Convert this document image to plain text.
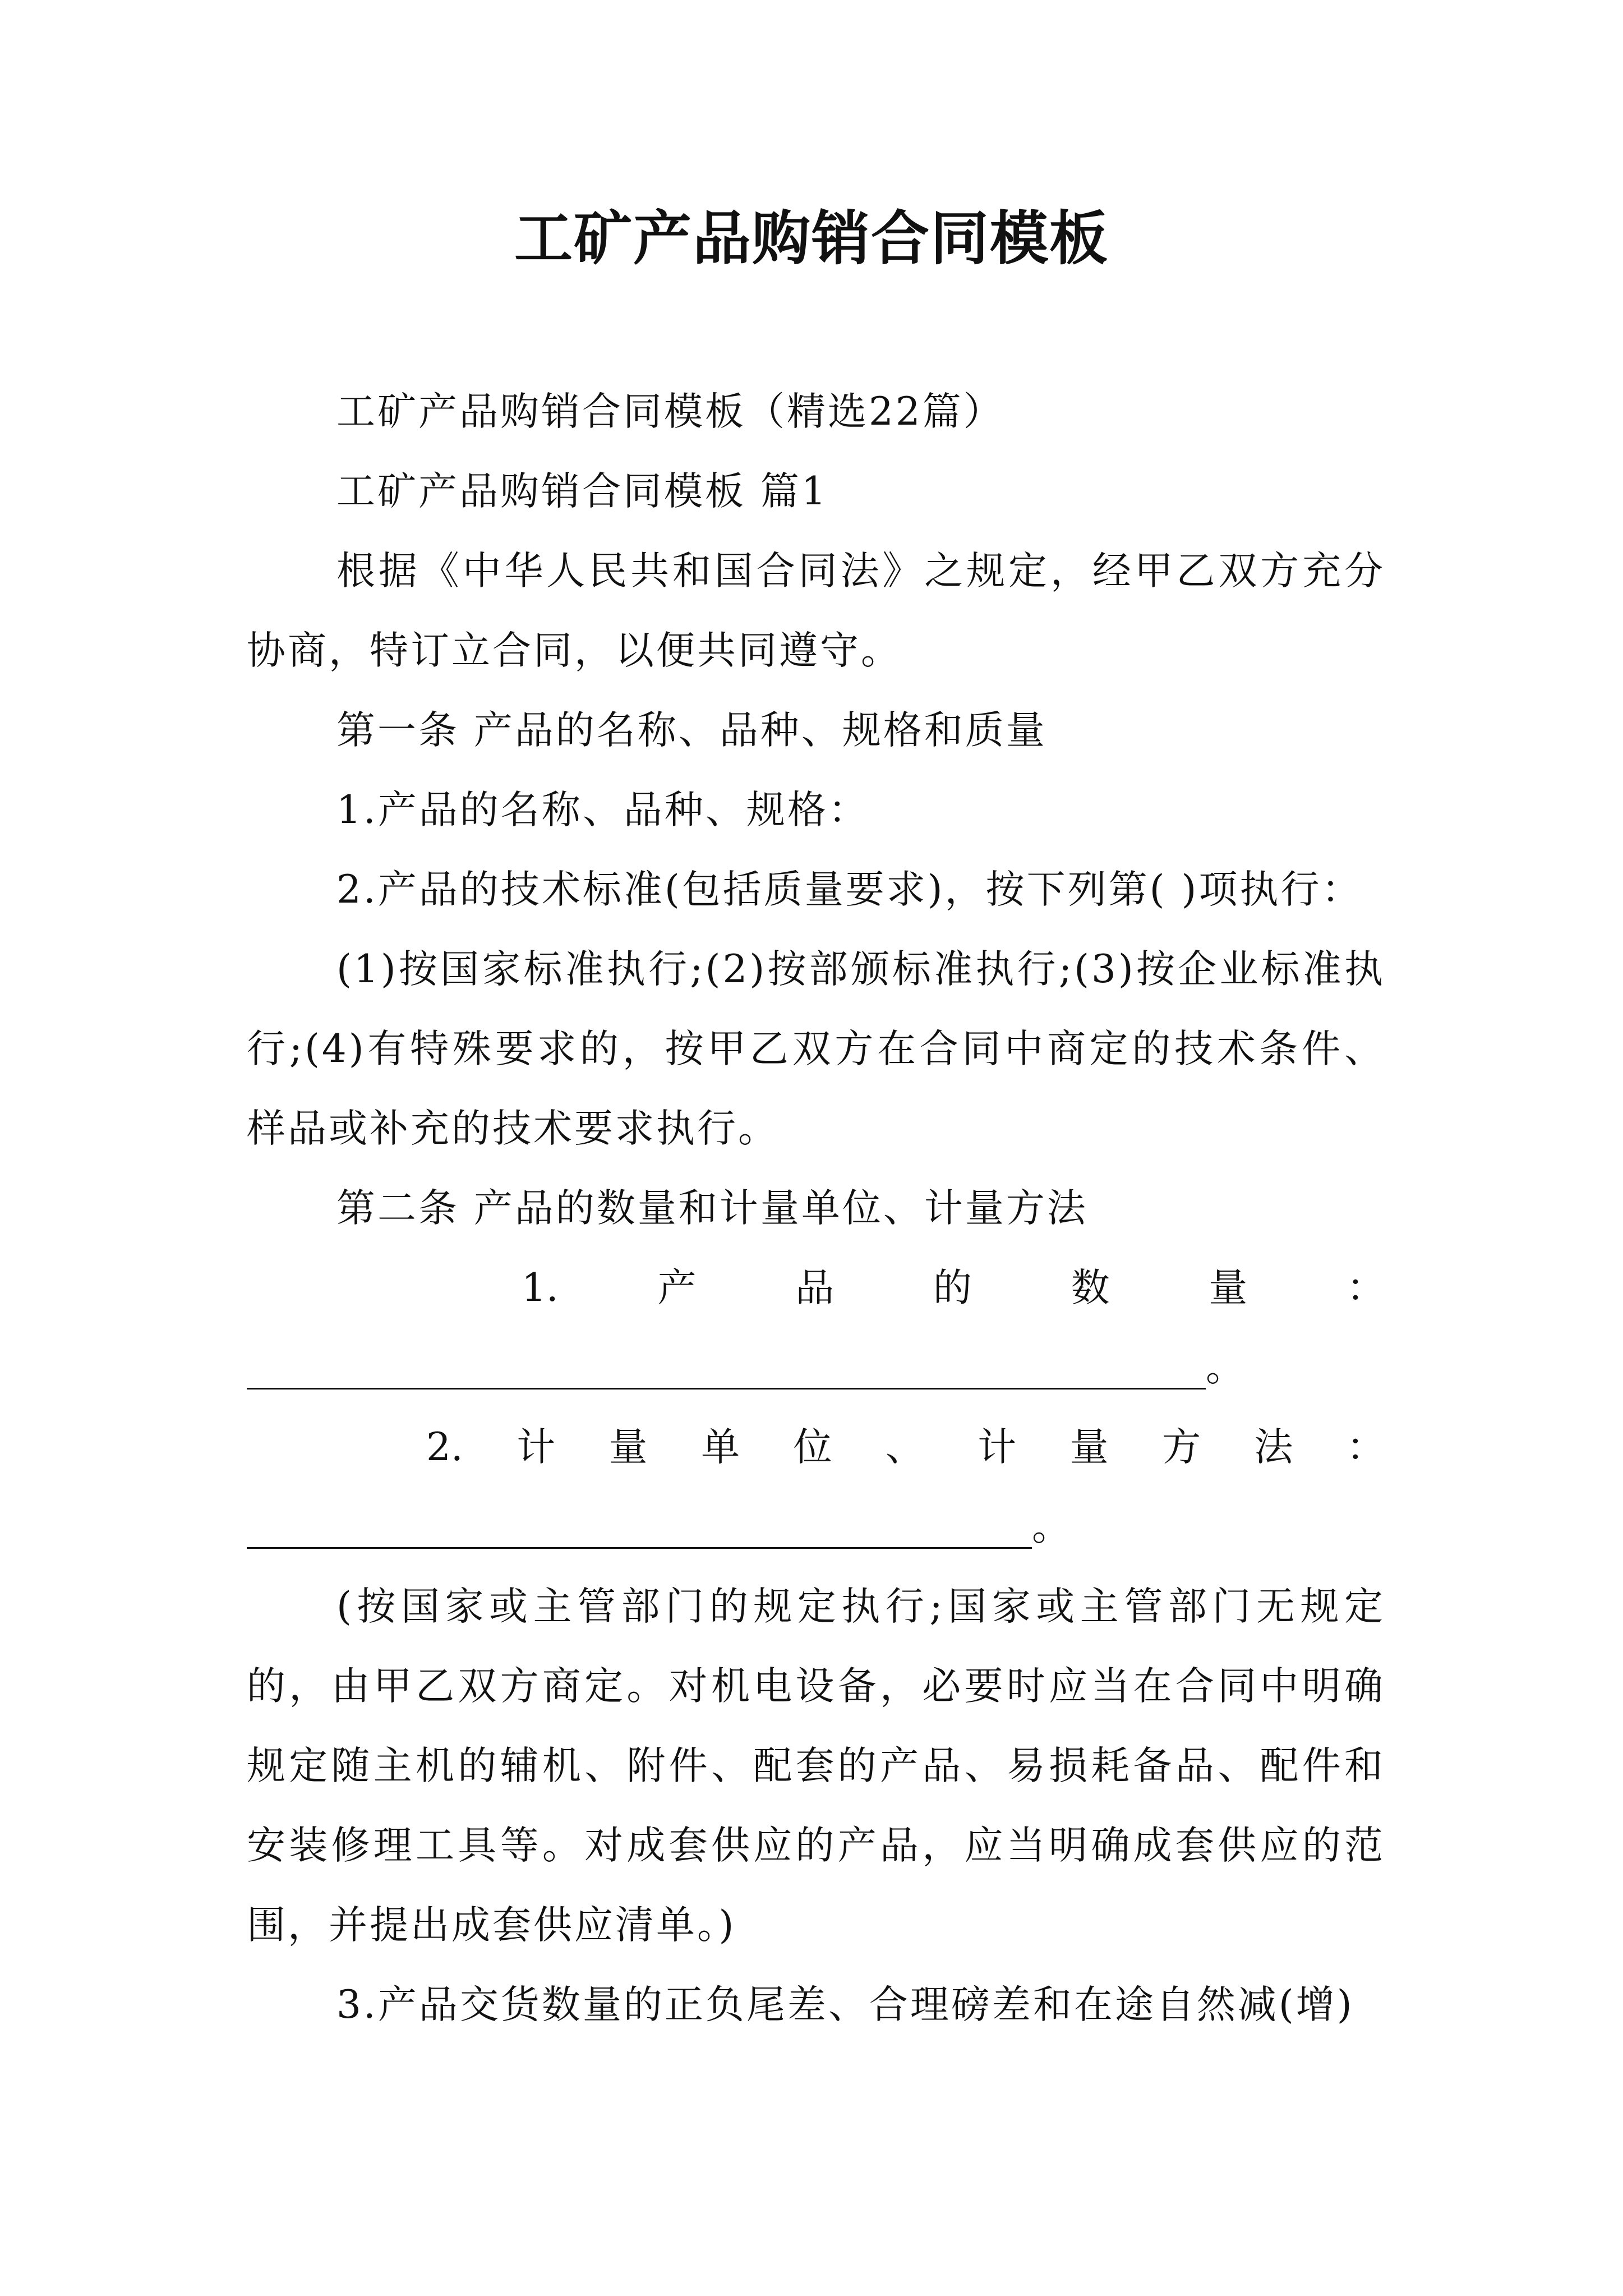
工矿产品购销合同模板

工矿产品购销合同模板（精选22篇）

工矿产品购销合同模板 篇1

根据《中华人民共和国合同法》之规定，经甲乙双方充分协商，特订立合同，以便共同遵守。

第一条 产品的名称、品种、规格和质量

1.产品的名称、品种、规格：

2.产品的技术标准(包括质量要求)，按下列第( )项执行：

(1)按国家标准执行;(2)按部颁标准执行;(3)按企业标准执行;(4)有特殊要求的，按甲乙双方在合同中商定的技术条件、样品或补充的技术要求执行。

第二条 产品的数量和计量单位、计量方法

1.	产	品	的	数	量	：
。
2. 计 量 单 位 、 计 量 方 法 ：
。

(按国家或主管部门的规定执行;国家或主管部门无规定的，由甲乙双方商定。对机电设备，必要时应当在合同中明确规定随主机的辅机、附件、配套的产品、易损耗备品、配件和安装修理工具等。对成套供应的产品，应当明确成套供应的范围，并提出成套供应清单。)

3.产品交货数量的正负尾差、合理磅差和在途自然减(增)
